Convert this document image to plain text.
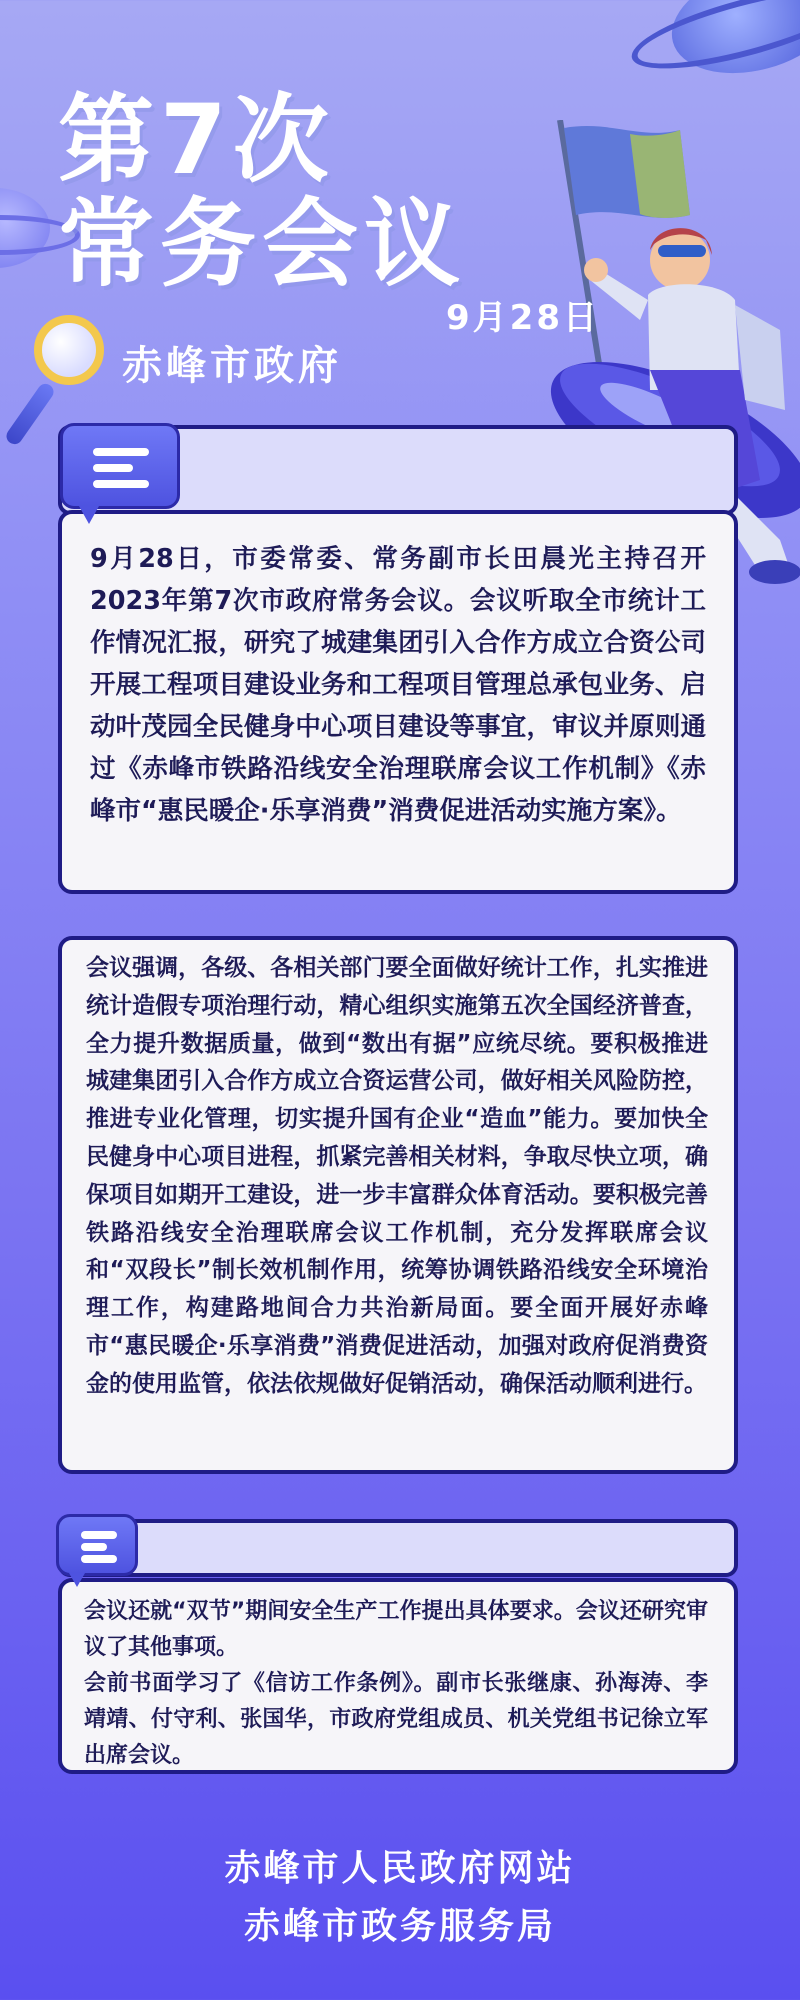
第7次
常务会议
9月28日
赤峰市政府

9月28日，市委常委、常务副市长田晨光主持召开2023年第7次市政府常务会议。会议听取全市统计工作情况汇报，研究了城建集团引入合作方成立合资公司开展工程项目建设业务和工程项目管理总承包业务、启动叶茂园全民健身中心项目建设等事宜，审议并原则通过《赤峰市铁路沿线安全治理联席会议工作机制》《赤峰市“惠民暖企·乐享消费”消费促进活动实施方案》。

会议强调，各级、各相关部门要全面做好统计工作，扎实推进统计造假专项治理行动，精心组织实施第五次全国经济普查，全力提升数据质量，做到“数出有据”应统尽统。要积极推进城建集团引入合作方成立合资运营公司，做好相关风险防控，推进专业化管理，切实提升国有企业“造血”能力。要加快全民健身中心项目进程，抓紧完善相关材料，争取尽快立项，确保项目如期开工建设，进一步丰富群众体育活动。要积极完善铁路沿线安全治理联席会议工作机制，充分发挥联席会议和“双段长”制长效机制作用，统筹协调铁路沿线安全环境治理工作，构建路地间合力共治新局面。要全面开展好赤峰市“惠民暖企·乐享消费”消费促进活动，加强对政府促消费资金的使用监管，依法依规做好促销活动，确保活动顺利进行。

会议还就“双节”期间安全生产工作提出具体要求。会议还研究审议了其他事项。

会前书面学习了《信访工作条例》。副市长张继康、孙海涛、李靖靖、付守利、张国华，市政府党组成员、机关党组书记徐立军出席会议。

赤峰市人民政府网站

赤峰市政务服务局
